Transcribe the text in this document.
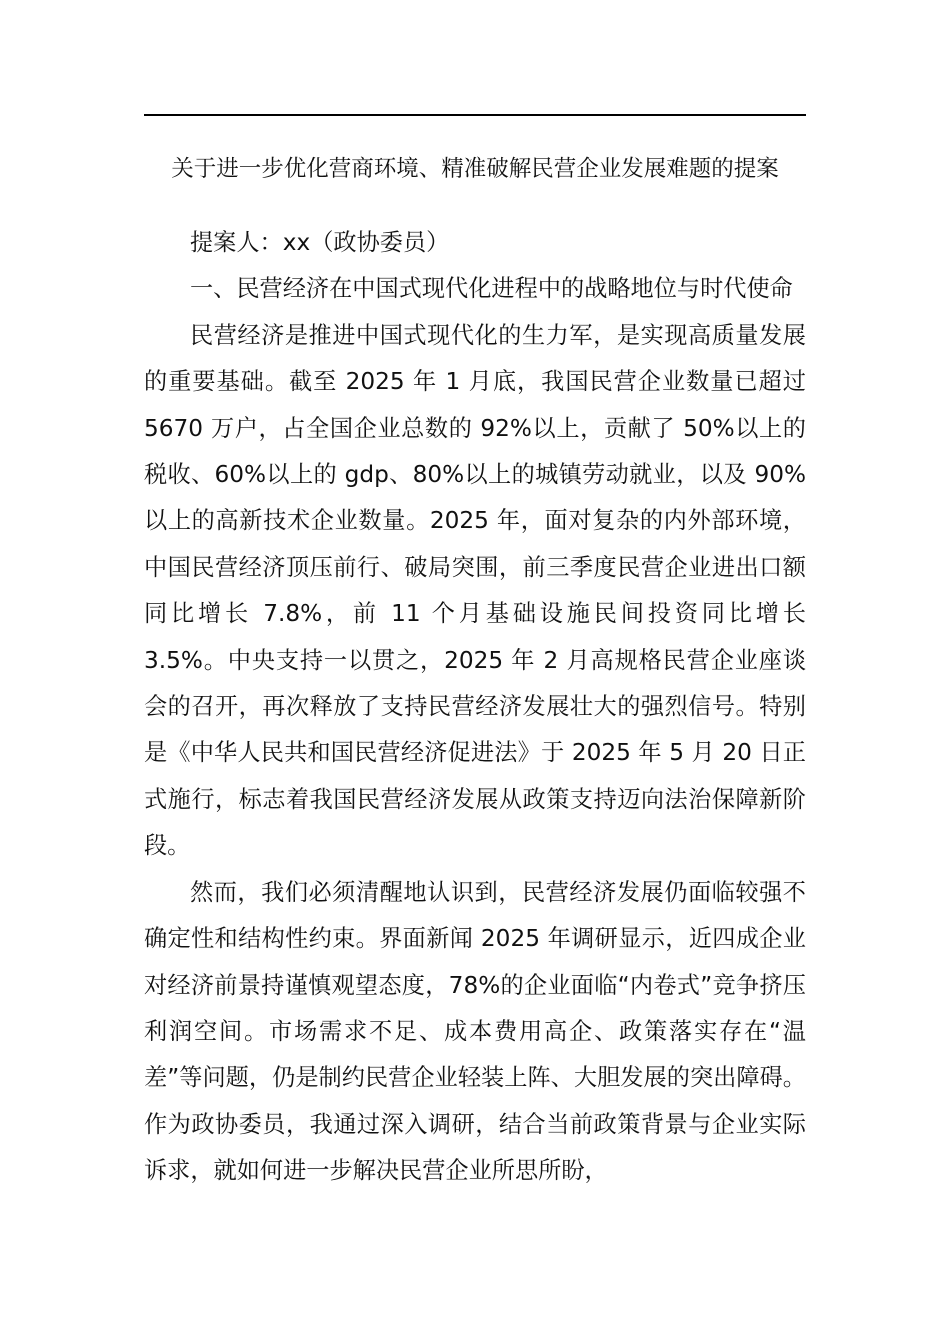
关于进一步优化营商环境、精准破解民营企业发展难题的提案

提案人：xx（政协委员）

一、民营经济在中国式现代化进程中的战略地位与时代使命

民营经济是推进中国式现代化的生力军，是实现高质量发展的重要基础。截至 2025 年 1 月底，我国民营企业数量已超过 5670 万户，占全国企业总数的 92%以上，贡献了 50%以上的税收、60%以上的 gdp、80%以上的城镇劳动就业，以及 90%以上的高新技术企业数量。2025 年，面对复杂的内外部环境，中国民营经济顶压前行、破局突围，前三季度民营企业进出口额同比增长 7.8%，前 11 个月基础设施民间投资同比增长 3.5%。中央支持一以贯之，2025 年 2 月高规格民营企业座谈会的召开，再次释放了支持民营经济发展壮大的强烈信号。特别是《中华人民共和国民营经济促进法》于 2025 年 5 月 20 日正式施行，标志着我国民营经济发展从政策支持迈向法治保障新阶段。

然而，我们必须清醒地认识到，民营经济发展仍面临较强不确定性和结构性约束。界面新闻 2025 年调研显示，近四成企业对经济前景持谨慎观望态度，78%的企业面临“内卷式”竞争挤压利润空间。市场需求不足、成本费用高企、政策落实存在“温差”等问题，仍是制约民营企业轻装上阵、大胆发展的突出障碍。作为政协委员，我通过深入调研，结合当前政策背景与企业实际诉求，就如何进一步解决民营企业所思所盼，
